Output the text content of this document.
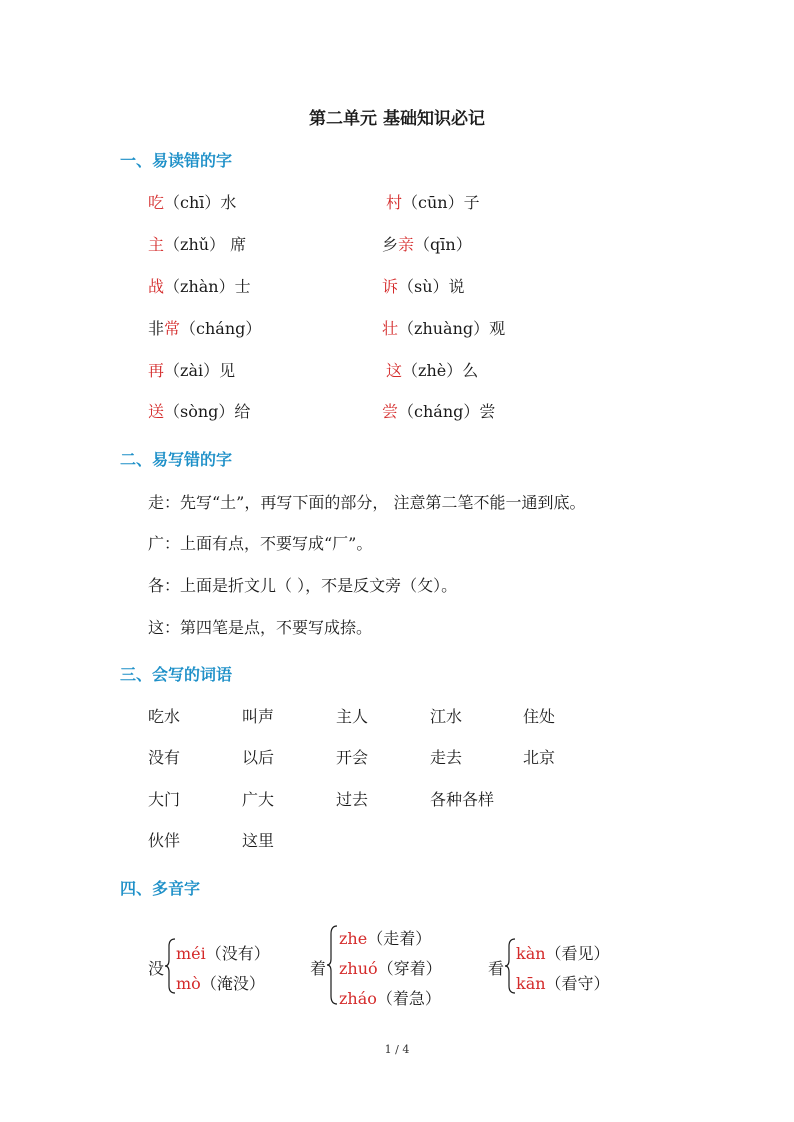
第二单元 基础知识必记
一、易读错的字
吃（chī）水	村（cūn）子
主（zhǔ） 席	乡亲（qīn）
战（zhàn）士	诉（sù）说
非常（cháng）	壮（zhuàng）观
再（zài）见	这（zhè）么
送（sòng）给	尝（cháng）尝
二、易写错的字
走：先写“土”，再写下面的部分， 注意第二笔不能一通到底。
广：上面有点，不要写成“厂”。
各：上面是折文儿（ ），不是反文旁（攵）。
这：第四笔是点，不要写成捺。
三、会写的词语
吃水	叫声	主人	江水	住处
没有	以后	开会	走去	北京
大门	广大	过去	各种各样
伙伴	这里
四、多音字
没
méi（没有）
mò（淹没）
着
zhe（走着）
zhuó（穿着）
zháo（着急）
看
kàn（看见）
kān（看守）
1 / 4
